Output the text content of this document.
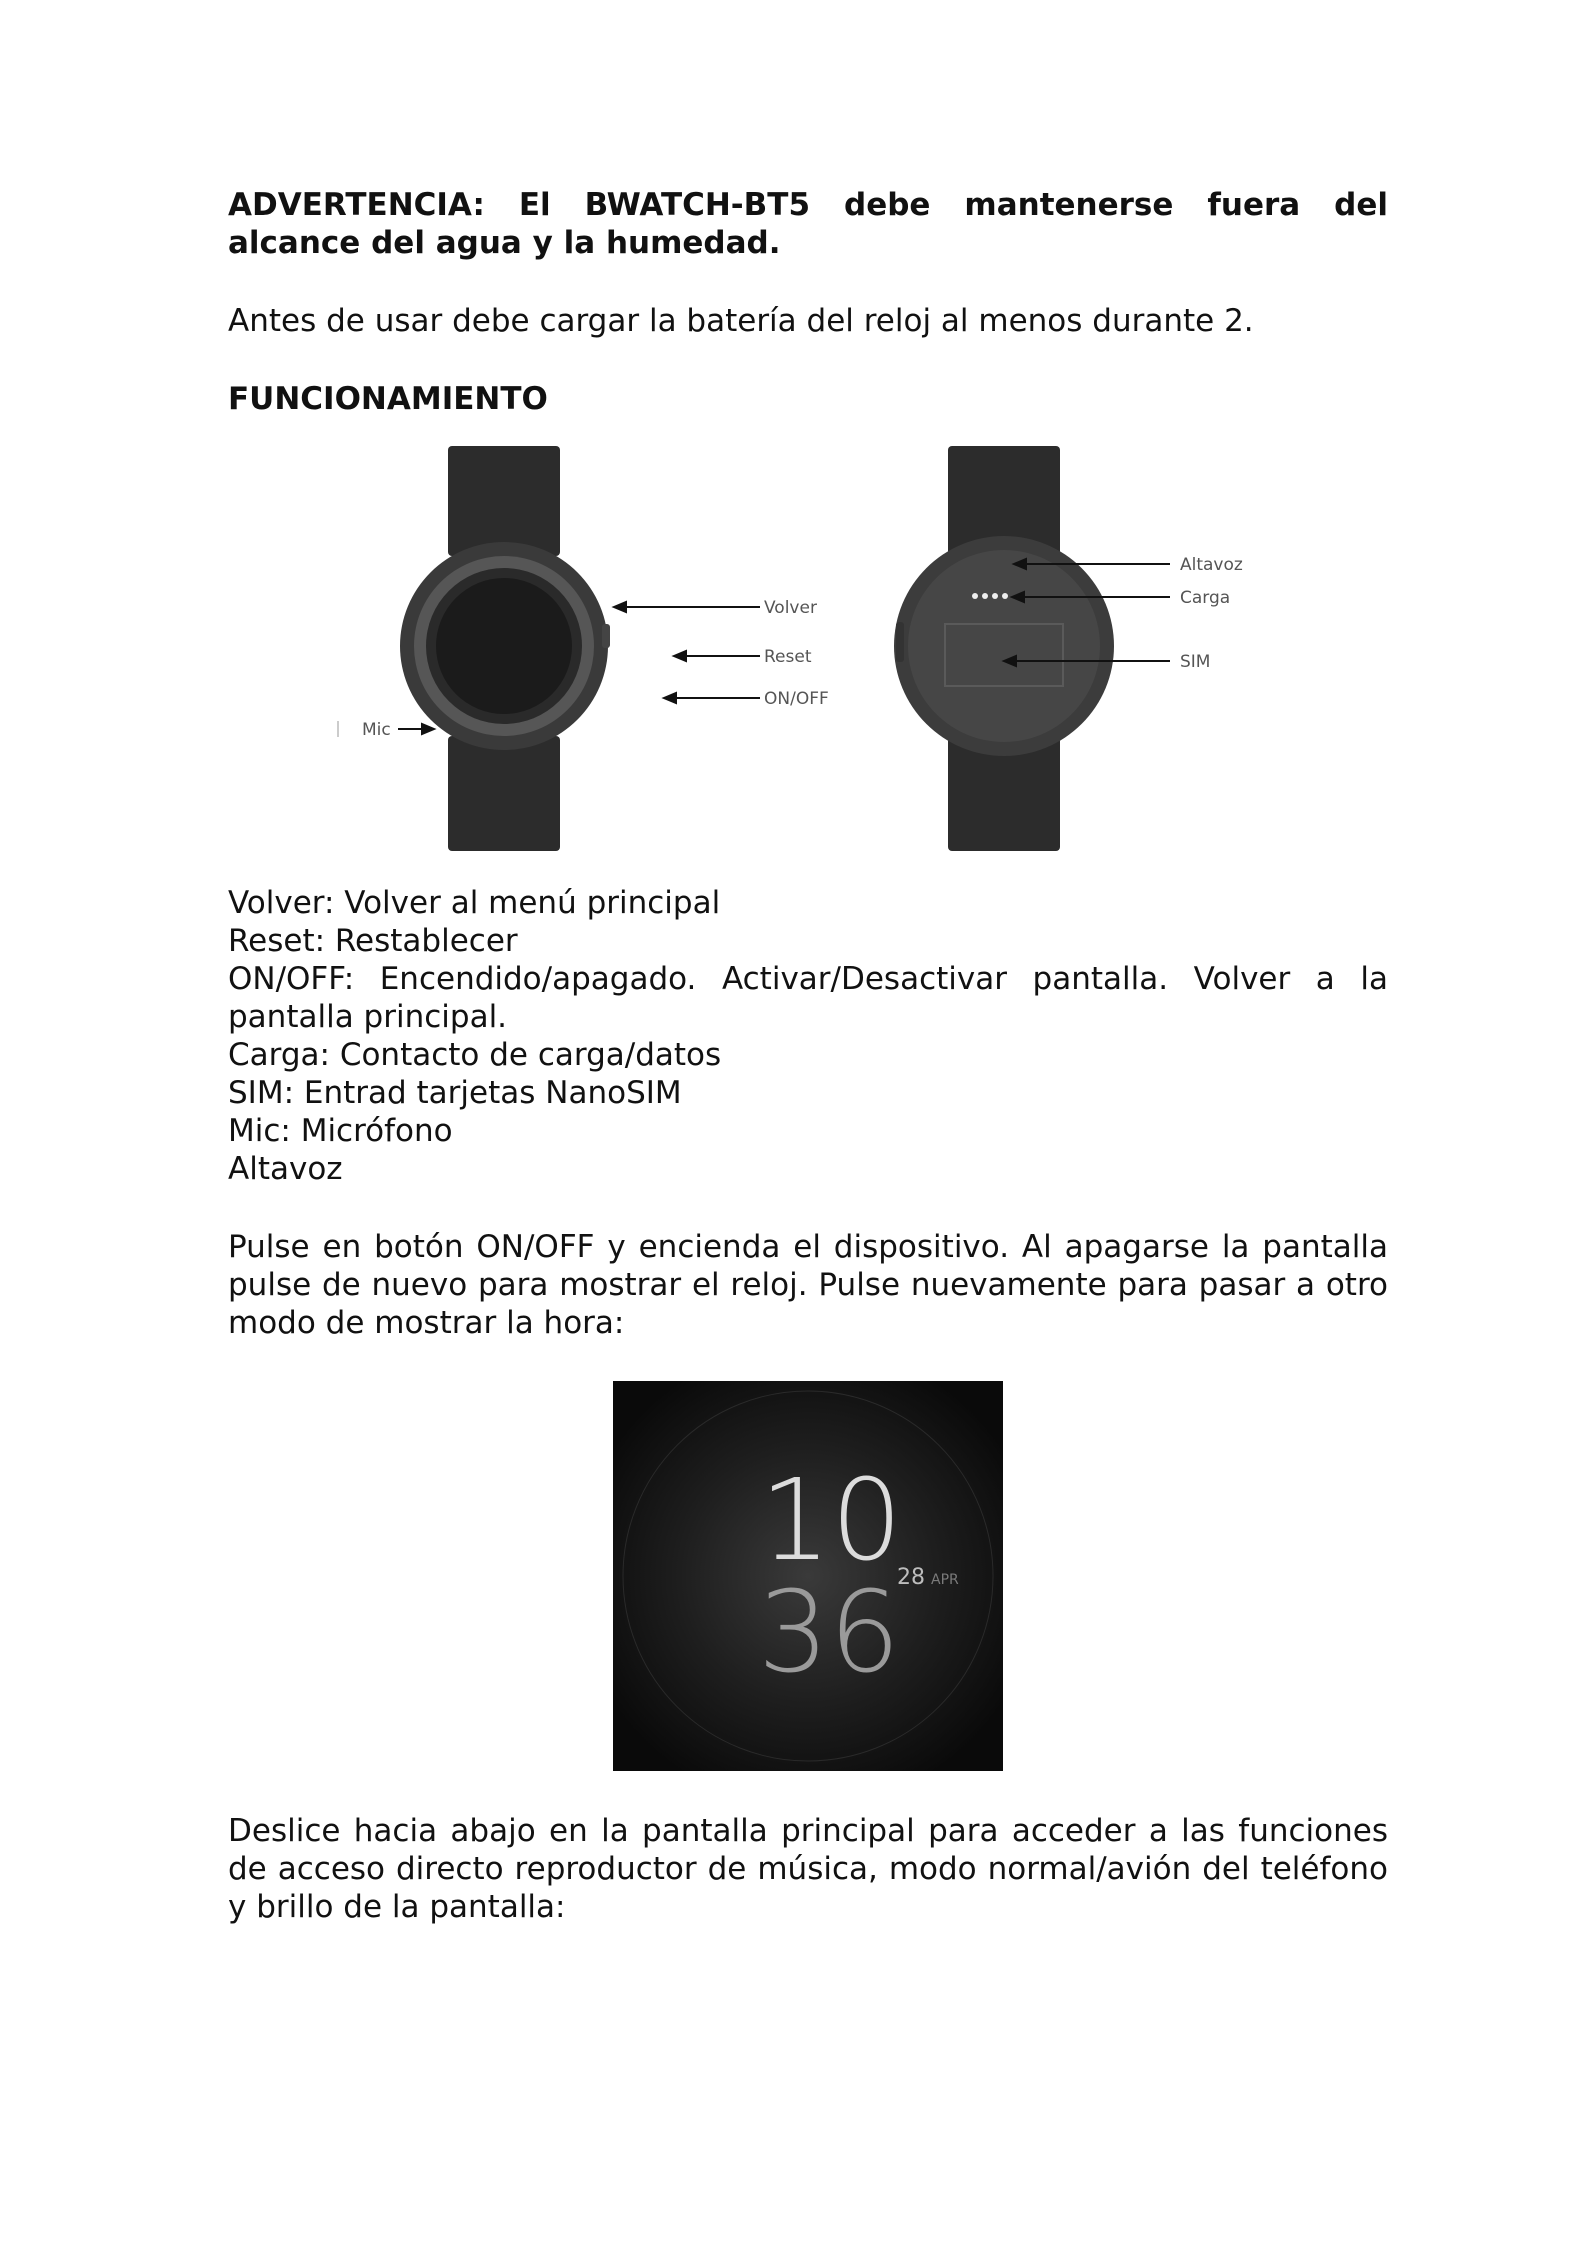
ADVERTENCIA: El BWATCH-BT5 debe mantenerse fuera del alcance del agua y la humedad.
Antes de usar debe cargar la batería del reloj al menos durante 2.
FUNCIONAMIENTO
Volver
Reset
ON/OFF
Mic
Altavoz
Carga
SIM
Volver: Volver al menú principal
Reset: Restablecer
ON/OFF: Encendido/apagado. Activar/Desactivar pantalla. Volver a la pantalla principal.
Carga: Contacto de carga/datos
SIM: Entrad tarjetas NanoSIM
Mic: Micrófono
Altavoz
Pulse en botón ON/OFF y encienda el dispositivo. Al apagarse la pantalla pulse de nuevo para mostrar el reloj. Pulse nuevamente para pasar a otro modo de mostrar la hora:
10
36
28 APR
Deslice hacia abajo en la pantalla principal para acceder a las funciones de acceso directo reproductor de música, modo normal/avión del teléfono y brillo de la pantalla:
